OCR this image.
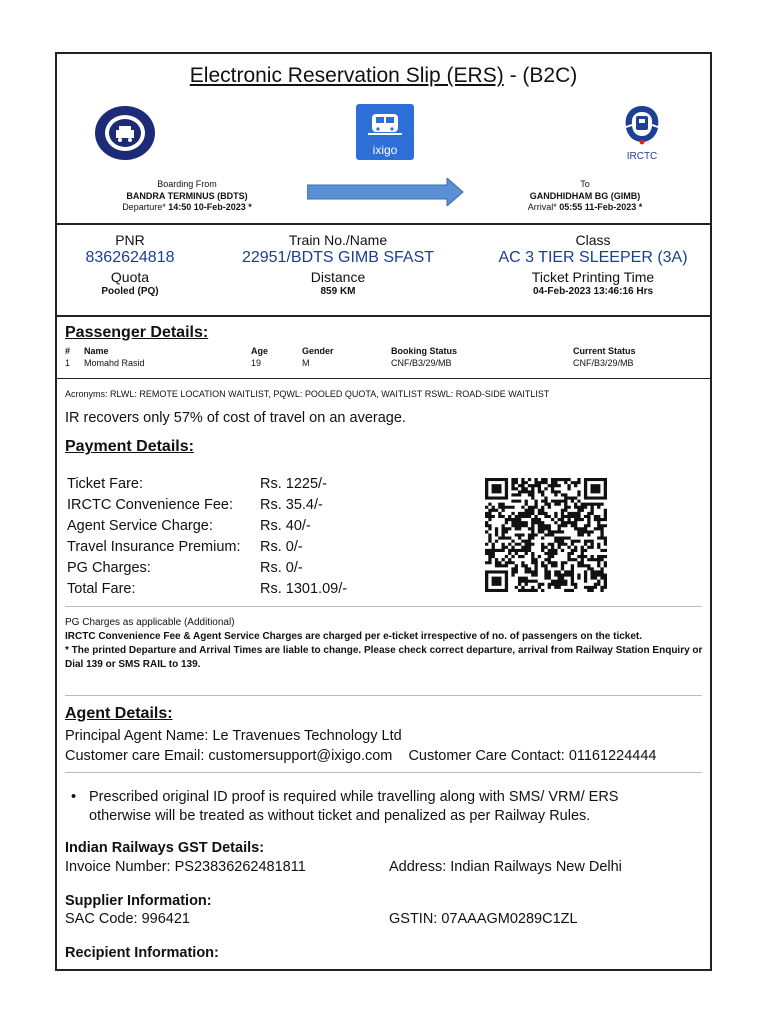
Electronic Reservation Slip (ERS) - (B2C)
ixigo	IRCTC
Boarding From
BANDRA TERMINUS (BDTS)
Departure* 14:50 10-Feb-2023 *
To
GANDHIDHAM BG (GIMB)
Arrival* 05:55 11-Feb-2023 *
PNR
8362624818
Quota
Pooled (PQ)
Train No./Name
22951/BDTS GIMB SFAST
Distance
859 KM
Class
AC 3 TIER SLEEPER (3A)
Ticket Printing Time
04-Feb-2023 13:46:16 Hrs
Passenger Details:
#	Name	Age	Gender	Booking Status	Current Status
1	Momahd Rasid	19	M	CNF/B3/29/MB	CNF/B3/29/MB
Acronyms: RLWL: REMOTE LOCATION WAITLIST, PQWL: POOLED QUOTA, WAITLIST RSWL: ROAD-SIDE WAITLIST
IR recovers only 57% of cost of travel on an average.
Payment Details:
Ticket Fare:	Rs. 1225/-
IRCTC Convenience Fee:	Rs. 35.4/-
Agent Service Charge:	Rs. 40/-
Travel Insurance Premium:	Rs. 0/-
PG Charges:	Rs. 0/-
Total Fare:	Rs. 1301.09/-
PG Charges as applicable (Additional)
IRCTC Convenience Fee & Agent Service Charges are charged per e-ticket irrespective of no. of passengers on the ticket.
* The printed Departure and Arrival Times are liable to change. Please check correct departure, arrival from Railway Station Enquiry or Dial 139 or SMS RAIL to 139.
Agent Details:
Principal Agent Name: Le Travenues Technology Ltd
Customer care Email: customersupport@ixigo.com Customer Care Contact: 01161224444
• Prescribed original ID proof is required while travelling along with SMS/ VRM/ ERS otherwise will be treated as without ticket and penalized as per Railway Rules.
Indian Railways GST Details:
Invoice Number: PS23836262481811	Address: Indian Railways New Delhi
Supplier Information:
SAC Code: 996421	GSTIN: 07AAAGM0289C1ZL
Recipient Information:
